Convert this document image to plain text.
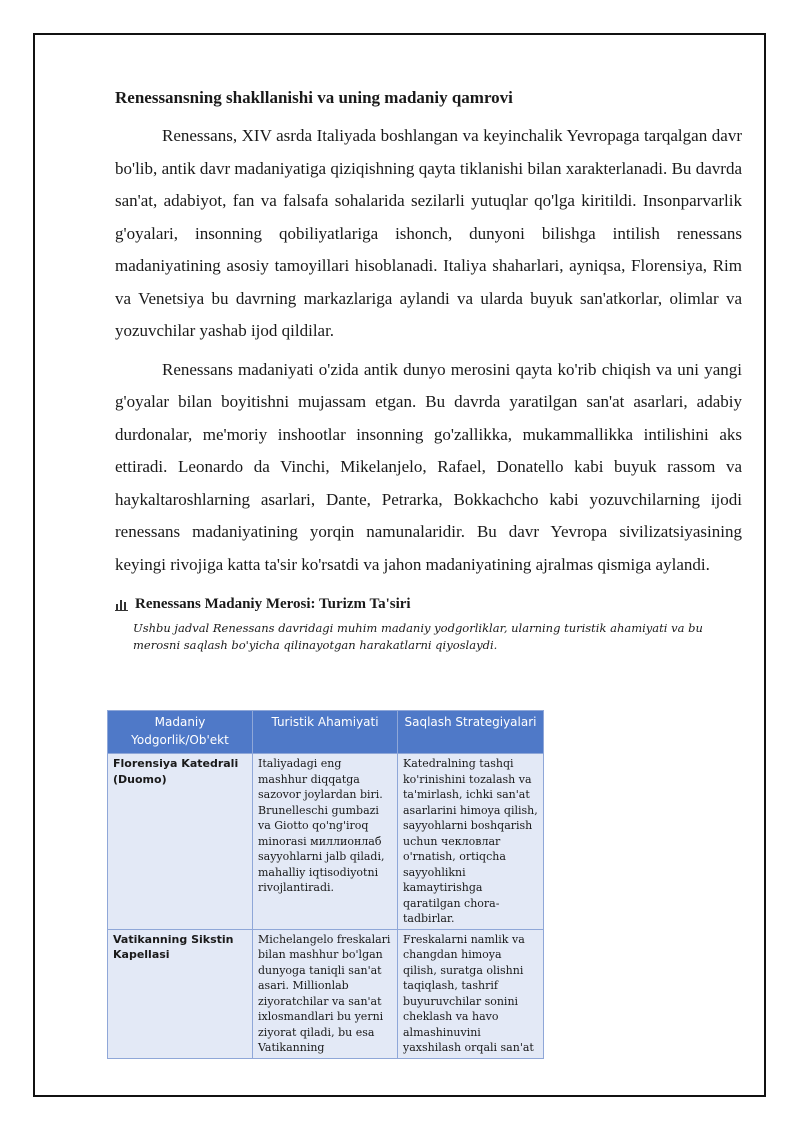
Renessansning shakllanishi va uning madaniy qamrovi

Renessans, XIV asrda Italiyada boshlangan va keyinchalik Yevropaga tarqalgan davr bo'lib, antik davr madaniyatiga qiziqishning qayta tiklanishi bilan xarakterlanadi. Bu davrda san'at, adabiyot, fan va falsafa sohalarida sezilarli yutuqlar qo'lga kiritildi. Insonparvarlik g'oyalari, insonning qobiliyatlariga ishonch, dunyoni bilishga intilish renessans madaniyatining asosiy tamoyillari hisoblanadi. Italiya shaharlari, ayniqsa, Florensiya, Rim va Venetsiya bu davrning markazlariga aylandi va ularda buyuk san'atkorlar, olimlar va yozuvchilar yashab ijod qildilar.

Renessans madaniyati o'zida antik dunyo merosini qayta ko'rib chiqish va uni yangi g'oyalar bilan boyitishni mujassam etgan. Bu davrda yaratilgan san'at asarlari, adabiy durdonalar, me'moriy inshootlar insonning go'zallikka, mukammallikka intilishini aks ettiradi. Leonardo da Vinchi, Mikelanjelo, Rafael, Donatello kabi buyuk rassom va haykaltaroshlarning asarlari, Dante, Petrarka, Bokkachcho kabi yozuvchilarning ijodi renessans madaniyatining yorqin namunalaridir. Bu davr Yevropa sivilizatsiyasining keyingi rivojiga katta ta'sir ko'rsatdi va jahon madaniyatining ajralmas qismiga aylandi.

Renessans Madaniy Merosi: Turizm Ta'siri
Ushbu jadval Renessans davridagi muhim madaniy yodgorliklar, ularning turistik ahamiyati va bu merosni saqlash bo'yicha qilinayotgan harakatlarni qiyoslaydi.
Madaniy Yodgorlik/Ob'ekt	Turistik Ahamiyati	Saqlash Strategiyalari
Florensiya Katedrali (Duomo)	Italiyadagi eng mashhur diqqatga sazovor joylardan biri. Brunelleschi gumbazi va Giotto qo'ng'iroq minorasi миллионлаб sayyohlarni jalb qiladi, mahalliy iqtisodiyotni rivojlantiradi.	Katedralning tashqi ko'rinishini tozalash va ta'mirlash, ichki san'at asarlarini himoya qilish, sayyohlarni boshqarish uchun чекловлar o'rnatish, ortiqcha sayyohlikni kamaytirishga qaratilgan chora-tadbirlar.
Vatikanning Sikstin Kapellasi	Michelangelo freskalari bilan mashhur bo'lgan dunyoga taniqli san'at asari. Millionlab ziyoratchilar va san'at ixlosmandlari bu yerni ziyorat qiladi, bu esa Vatikanning	Freskalarni namlik va changdan himoya qilish, suratga olishni taqiqlash, tashrif buyuruvchilar sonini cheklash va havo almashinuvini yaxshilash orqali san'at
